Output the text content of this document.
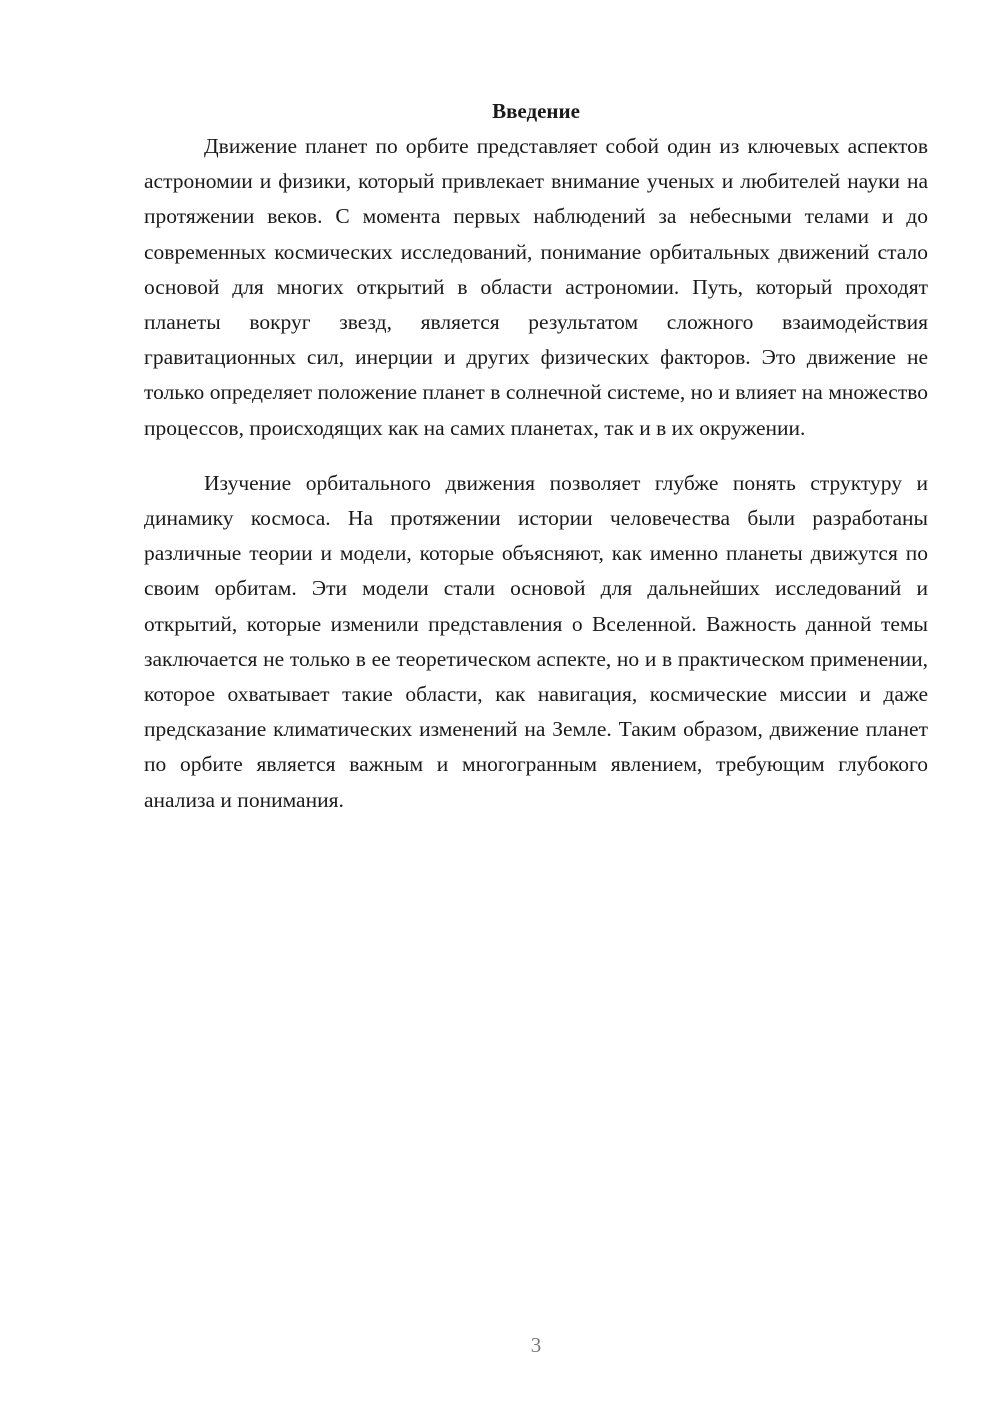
Введение

Движение планет по орбите представляет собой один из ключевых аспектов астрономии и физики, который привлекает внимание ученых и любителей науки на протяжении веков. С момента первых наблюдений за небесными телами и до современных космических исследований, понимание орбитальных движений стало основой для многих открытий в области астрономии. Путь, который проходят планеты вокруг звезд, является результатом сложного взаимодействия гравитационных сил, инерции и других физических факторов. Это движение не только определяет положение планет в солнечной системе, но и влияет на множество процессов, происходящих как на самих планетах, так и в их окружении.

Изучение орбитального движения позволяет глубже понять структуру и динамику космоса. На протяжении истории человечества были разработаны различные теории и модели, которые объясняют, как именно планеты движутся по своим орбитам. Эти модели стали основой для дальнейших исследований и открытий, которые изменили представления о Вселенной. Важность данной темы заключается не только в ее теоретическом аспекте, но и в практическом применении, которое охватывает такие области, как навигация, космические миссии и даже предсказание климатических изменений на Земле. Таким образом, движение планет по орбите является важным и многогранным явлением, требующим глубокого анализа и понимания.

3
